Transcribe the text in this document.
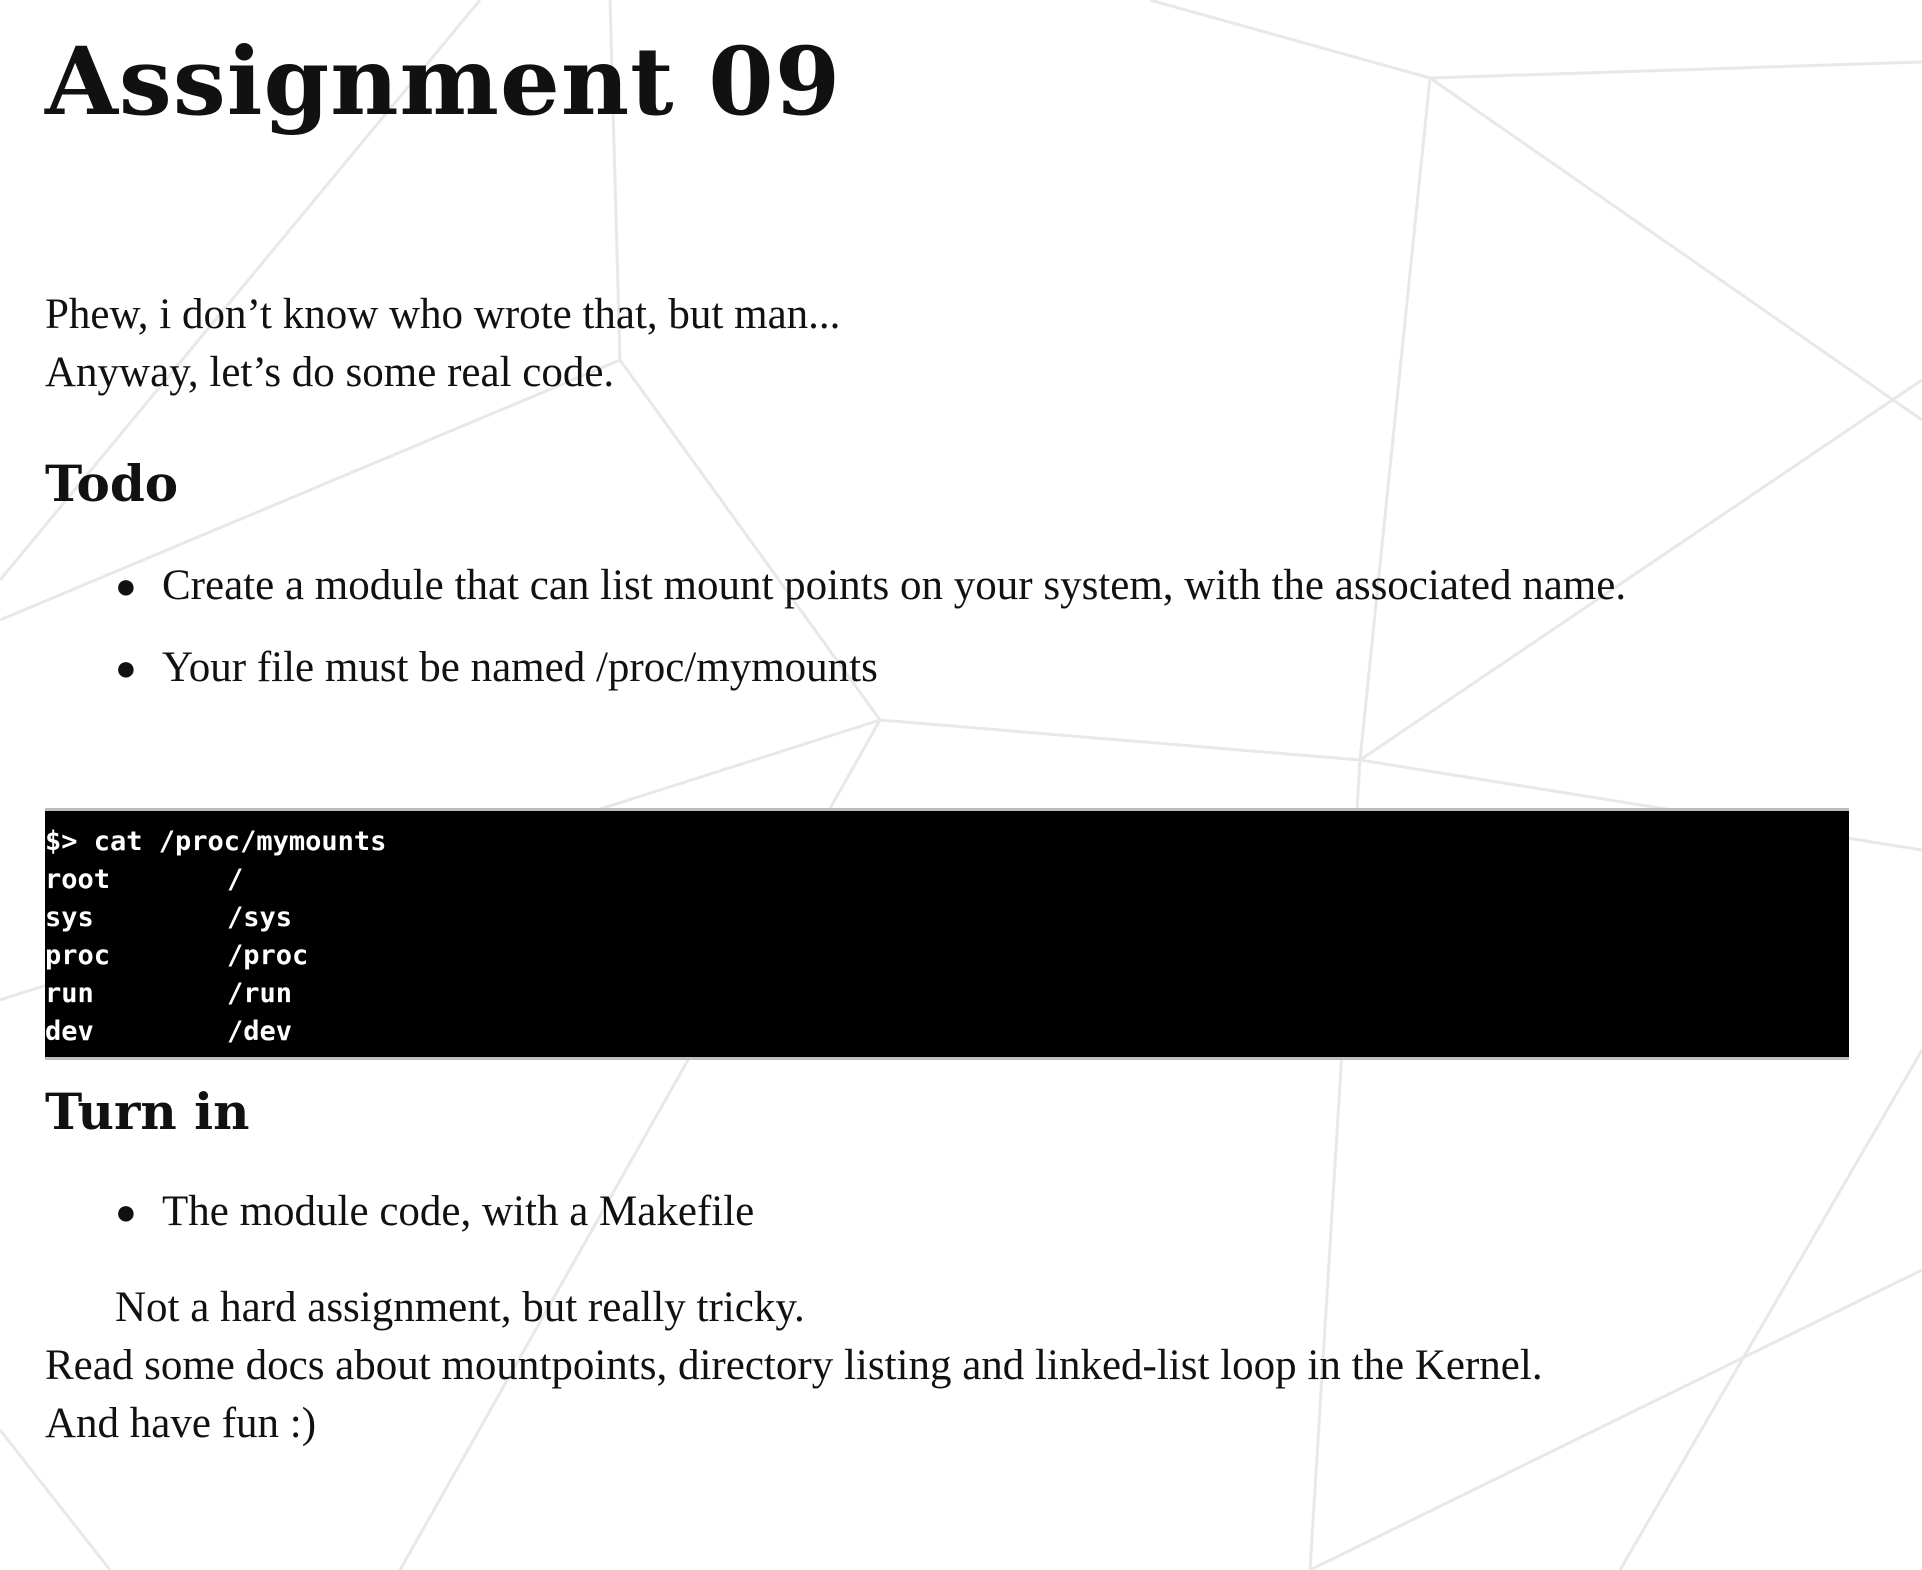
Assignment 09
Phew, i don’t know who wrote that, but man...
Anyway, let’s do some real code.
Todo
● Create a module that can list mount points on your system, with the associated name.
● Your file must be named /proc/mymounts
$> cat /proc/mymounts
root	/
sys	/sys
proc	/proc
run	/run
dev	/dev
Turn in
● The module code, with a Makefile
Not a hard assignment, but really tricky.
Read some docs about mountpoints, directory listing and linked-list loop in the Kernel.
And have fun :)
